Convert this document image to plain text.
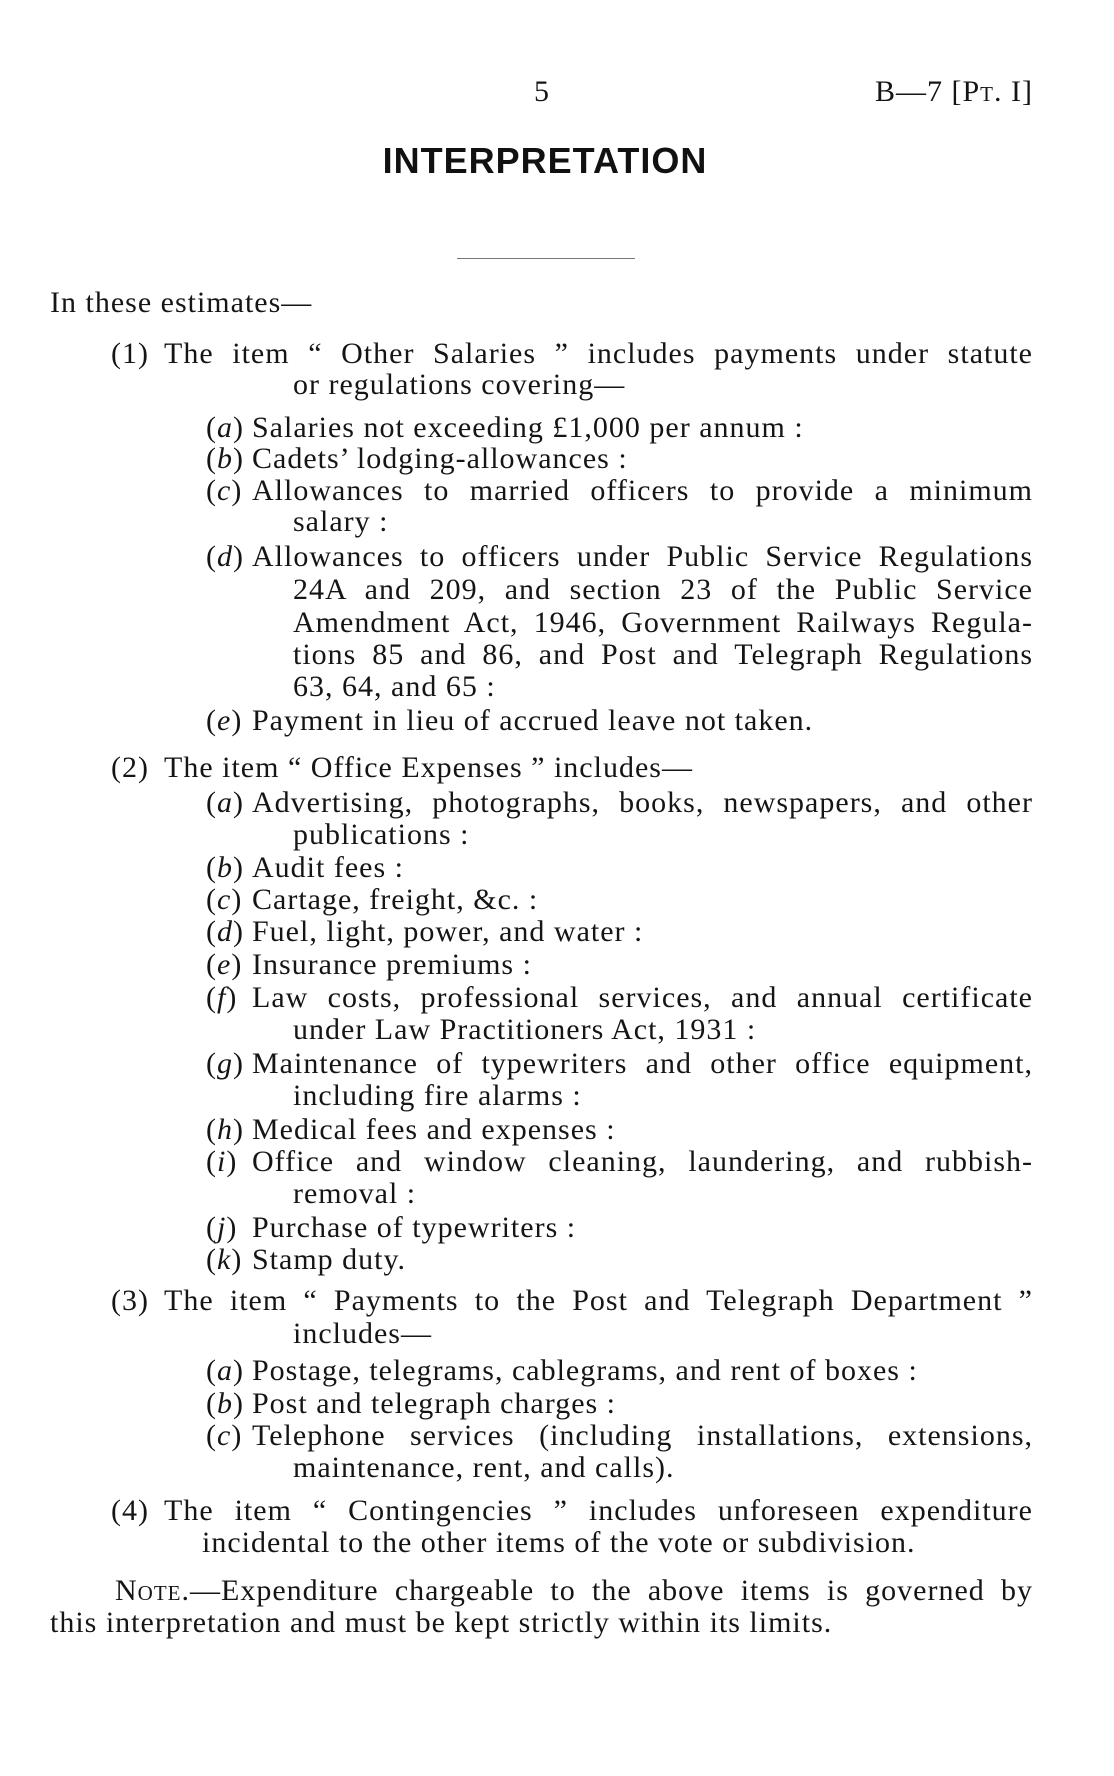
5	B—7 [Pt. I]
INTERPRETATION
In these estimates—
(1) The item “ Other Salaries ” includes payments under statute
or regulations covering—
(a) Salaries not exceeding £1,000 per annum :
(b) Cadets’ lodging-allowances :
(c) Allowances to married officers to provide a minimum
salary :
(d) Allowances to officers under Public Service Regulations
24A and 209, and section 23 of the Public Service
Amendment Act, 1946, Government Railways Regula-
tions 85 and 86, and Post and Telegraph Regulations
63, 64, and 65 :
(e) Payment in lieu of accrued leave not taken.
(2) The item “ Office Expenses ” includes—
(a) Advertising, photographs, books, newspapers, and other
publications :
(b) Audit fees :
(c) Cartage, freight, &c. :
(d) Fuel, light, power, and water :
(e) Insurance premiums :
(f) Law costs, professional services, and annual certificate
under Law Practitioners Act, 1931 :
(g) Maintenance of typewriters and other office equipment,
including fire alarms :
(h) Medical fees and expenses :
(i) Office and window cleaning, laundering, and rubbish-
removal :
(j) Purchase of typewriters :
(k) Stamp duty.
(3) The item “ Payments to the Post and Telegraph Department ”
includes—
(a) Postage, telegrams, cablegrams, and rent of boxes :
(b) Post and telegraph charges :
(c) Telephone services (including installations, extensions,
maintenance, rent, and calls).
(4) The item “ Contingencies ” includes unforeseen expenditure
incidental to the other items of the vote or subdivision.
Note.—Expenditure chargeable to the above items is governed by
this interpretation and must be kept strictly within its limits.
